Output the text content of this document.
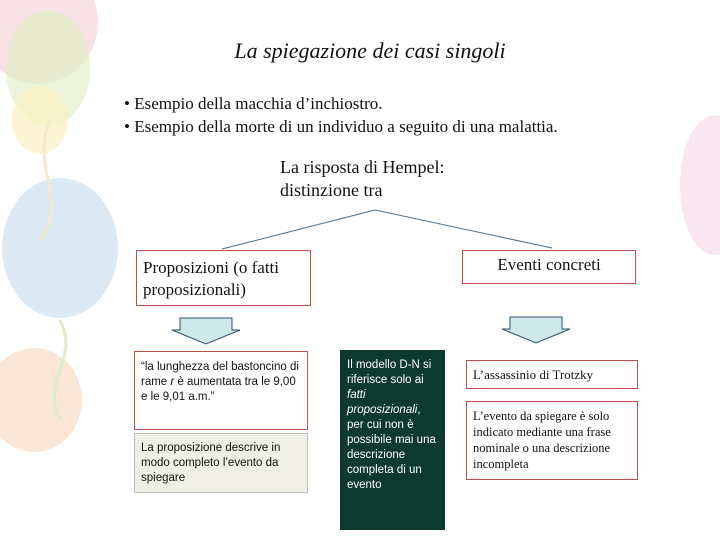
La spiegazione dei casi singoli
• Esempio della macchia d’inchiostro.
• Esempio della morte di un individuo a seguito di una malattia.
La risposta di Hempel:
distinzione tra
Proposizioni (o fatti proposizionali)
Eventi concreti
“la lunghezza del bastoncino di rame r è aumentata tra le 9,00 e le 9,01 a.m.”
La proposizione descrive in modo completo l’evento da spiegare
Il modello D-N si riferisce solo ai fatti proposizionali, per cui non è possibile mai una descrizione completa di un evento
L’assassinio di Trotzky
L’evento da spiegare è solo indicato mediante una frase nominale o una descrizione incompleta
